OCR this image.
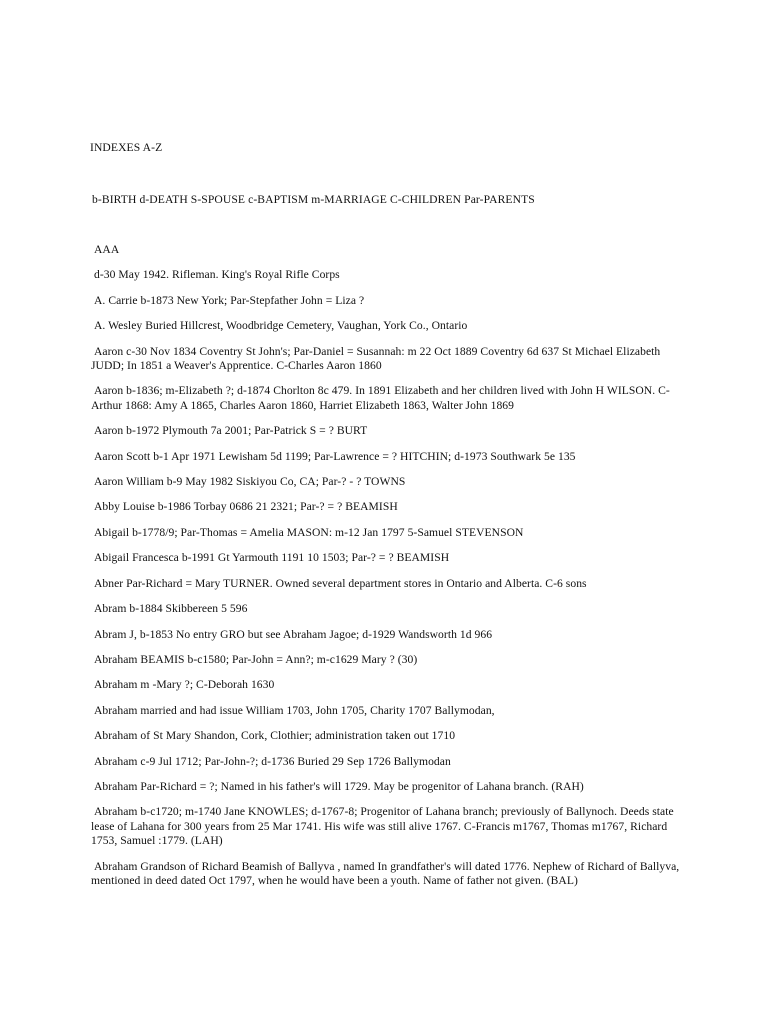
INDEXES A-Z

b-BIRTH d-DEATH S-SPOUSE c-BAPTISM m-MARRIAGE C-CHILDREN Par-PARENTS

AAA
d-30 May 1942. Rifleman. King's Royal Rifle Corps
A. Carrie b-1873 New York; Par-Stepfather John = Liza ?
A. Wesley Buried Hillcrest, Woodbridge Cemetery, Vaughan, York Co., Ontario
Aaron c-30 Nov 1834 Coventry St John's; Par-Daniel = Susannah: m 22 Oct 1889 Coventry 6d 637 St Michael Elizabeth JUDD; In 1851 a Weaver's Apprentice. C-Charles Aaron 1860
Aaron b-1836; m-Elizabeth ?; d-1874 Chorlton 8c 479. In 1891 Elizabeth and her children lived with John H WILSON. C-Arthur 1868: Amy A 1865, Charles Aaron 1860, Harriet Elizabeth 1863, Walter John 1869
Aaron b-1972 Plymouth 7a 2001; Par-Patrick S = ? BURT
Aaron Scott b-1 Apr 1971 Lewisham 5d 1199; Par-Lawrence = ? HITCHIN; d-1973 Southwark 5e 135
Aaron William b-9 May 1982 Siskiyou Co, CA; Par-? - ? TOWNS
Abby Louise b-1986 Torbay 0686 21 2321; Par-? = ? BEAMISH
Abigail b-1778/9; Par-Thomas = Amelia MASON: m-12 Jan 1797 5-Samuel STEVENSON
Abigail Francesca b-1991 Gt Yarmouth 1191 10 1503; Par-? = ? BEAMISH
Abner Par-Richard = Mary TURNER. Owned several department stores in Ontario and Alberta. C-6 sons
Abram b-1884 Skibbereen 5 596
Abram J, b-1853 No entry GRO but see Abraham Jagoe; d-1929 Wandsworth 1d 966
Abraham BEAMIS b-c1580; Par-John = Ann?; m-c1629 Mary ? (30)
Abraham m -Mary ?; C-Deborah 1630
Abraham married and had issue William 1703, John 1705, Charity 1707 Ballymodan,
Abraham of St Mary Shandon, Cork, Clothier; administration taken out 1710
Abraham c-9 Jul 1712; Par-John-?; d-1736 Buried 29 Sep 1726 Ballymodan
Abraham Par-Richard = ?; Named in his father's will 1729. May be progenitor of Lahana branch. (RAH)
Abraham b-c1720; m-1740 Jane KNOWLES; d-1767-8; Progenitor of Lahana branch; previously of Ballynoch. Deeds state lease of Lahana for 300 years from 25 Mar 1741. His wife was still alive 1767. C-Francis m1767, Thomas m1767, Richard 1753, Samuel :1779. (LAH)
Abraham Grandson of Richard Beamish of Ballyva , named In grandfather's will dated 1776. Nephew of Richard of Ballyva, mentioned in deed dated Oct 1797, when he would have been a youth. Name of father not given. (BAL)
